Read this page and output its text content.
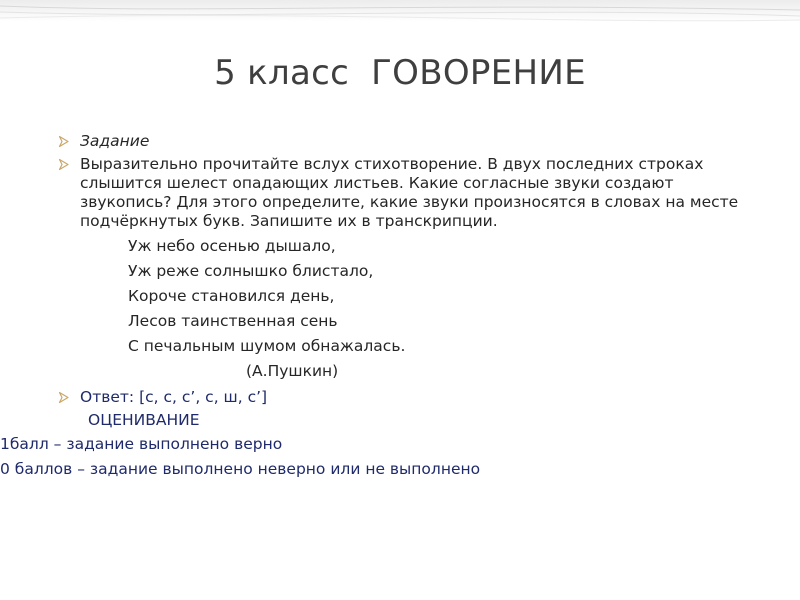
5 класс ГОВОРЕНИЕ
Задание
Выразительно прочитайте вслух стихотворение. В двух последних строках слышится шелест опадающих листьев. Какие согласные звуки создают звукопись? Для этого определите, какие звуки произносятся в словах на месте подчёркнутых букв. Запишите их в транскрипции.
Уж небо осенью дышало,
Уж реже солнышко блистало,
Короче становился день,
Лесов таинственная сень
С печальным шумом обнажалась.
(А.Пушкин)
Ответ: [с, с, с’, с, ш, с’]
ОЦЕНИВАНИЕ
1балл – задание выполнено верно
0 баллов – задание выполнено неверно или не выполнено
